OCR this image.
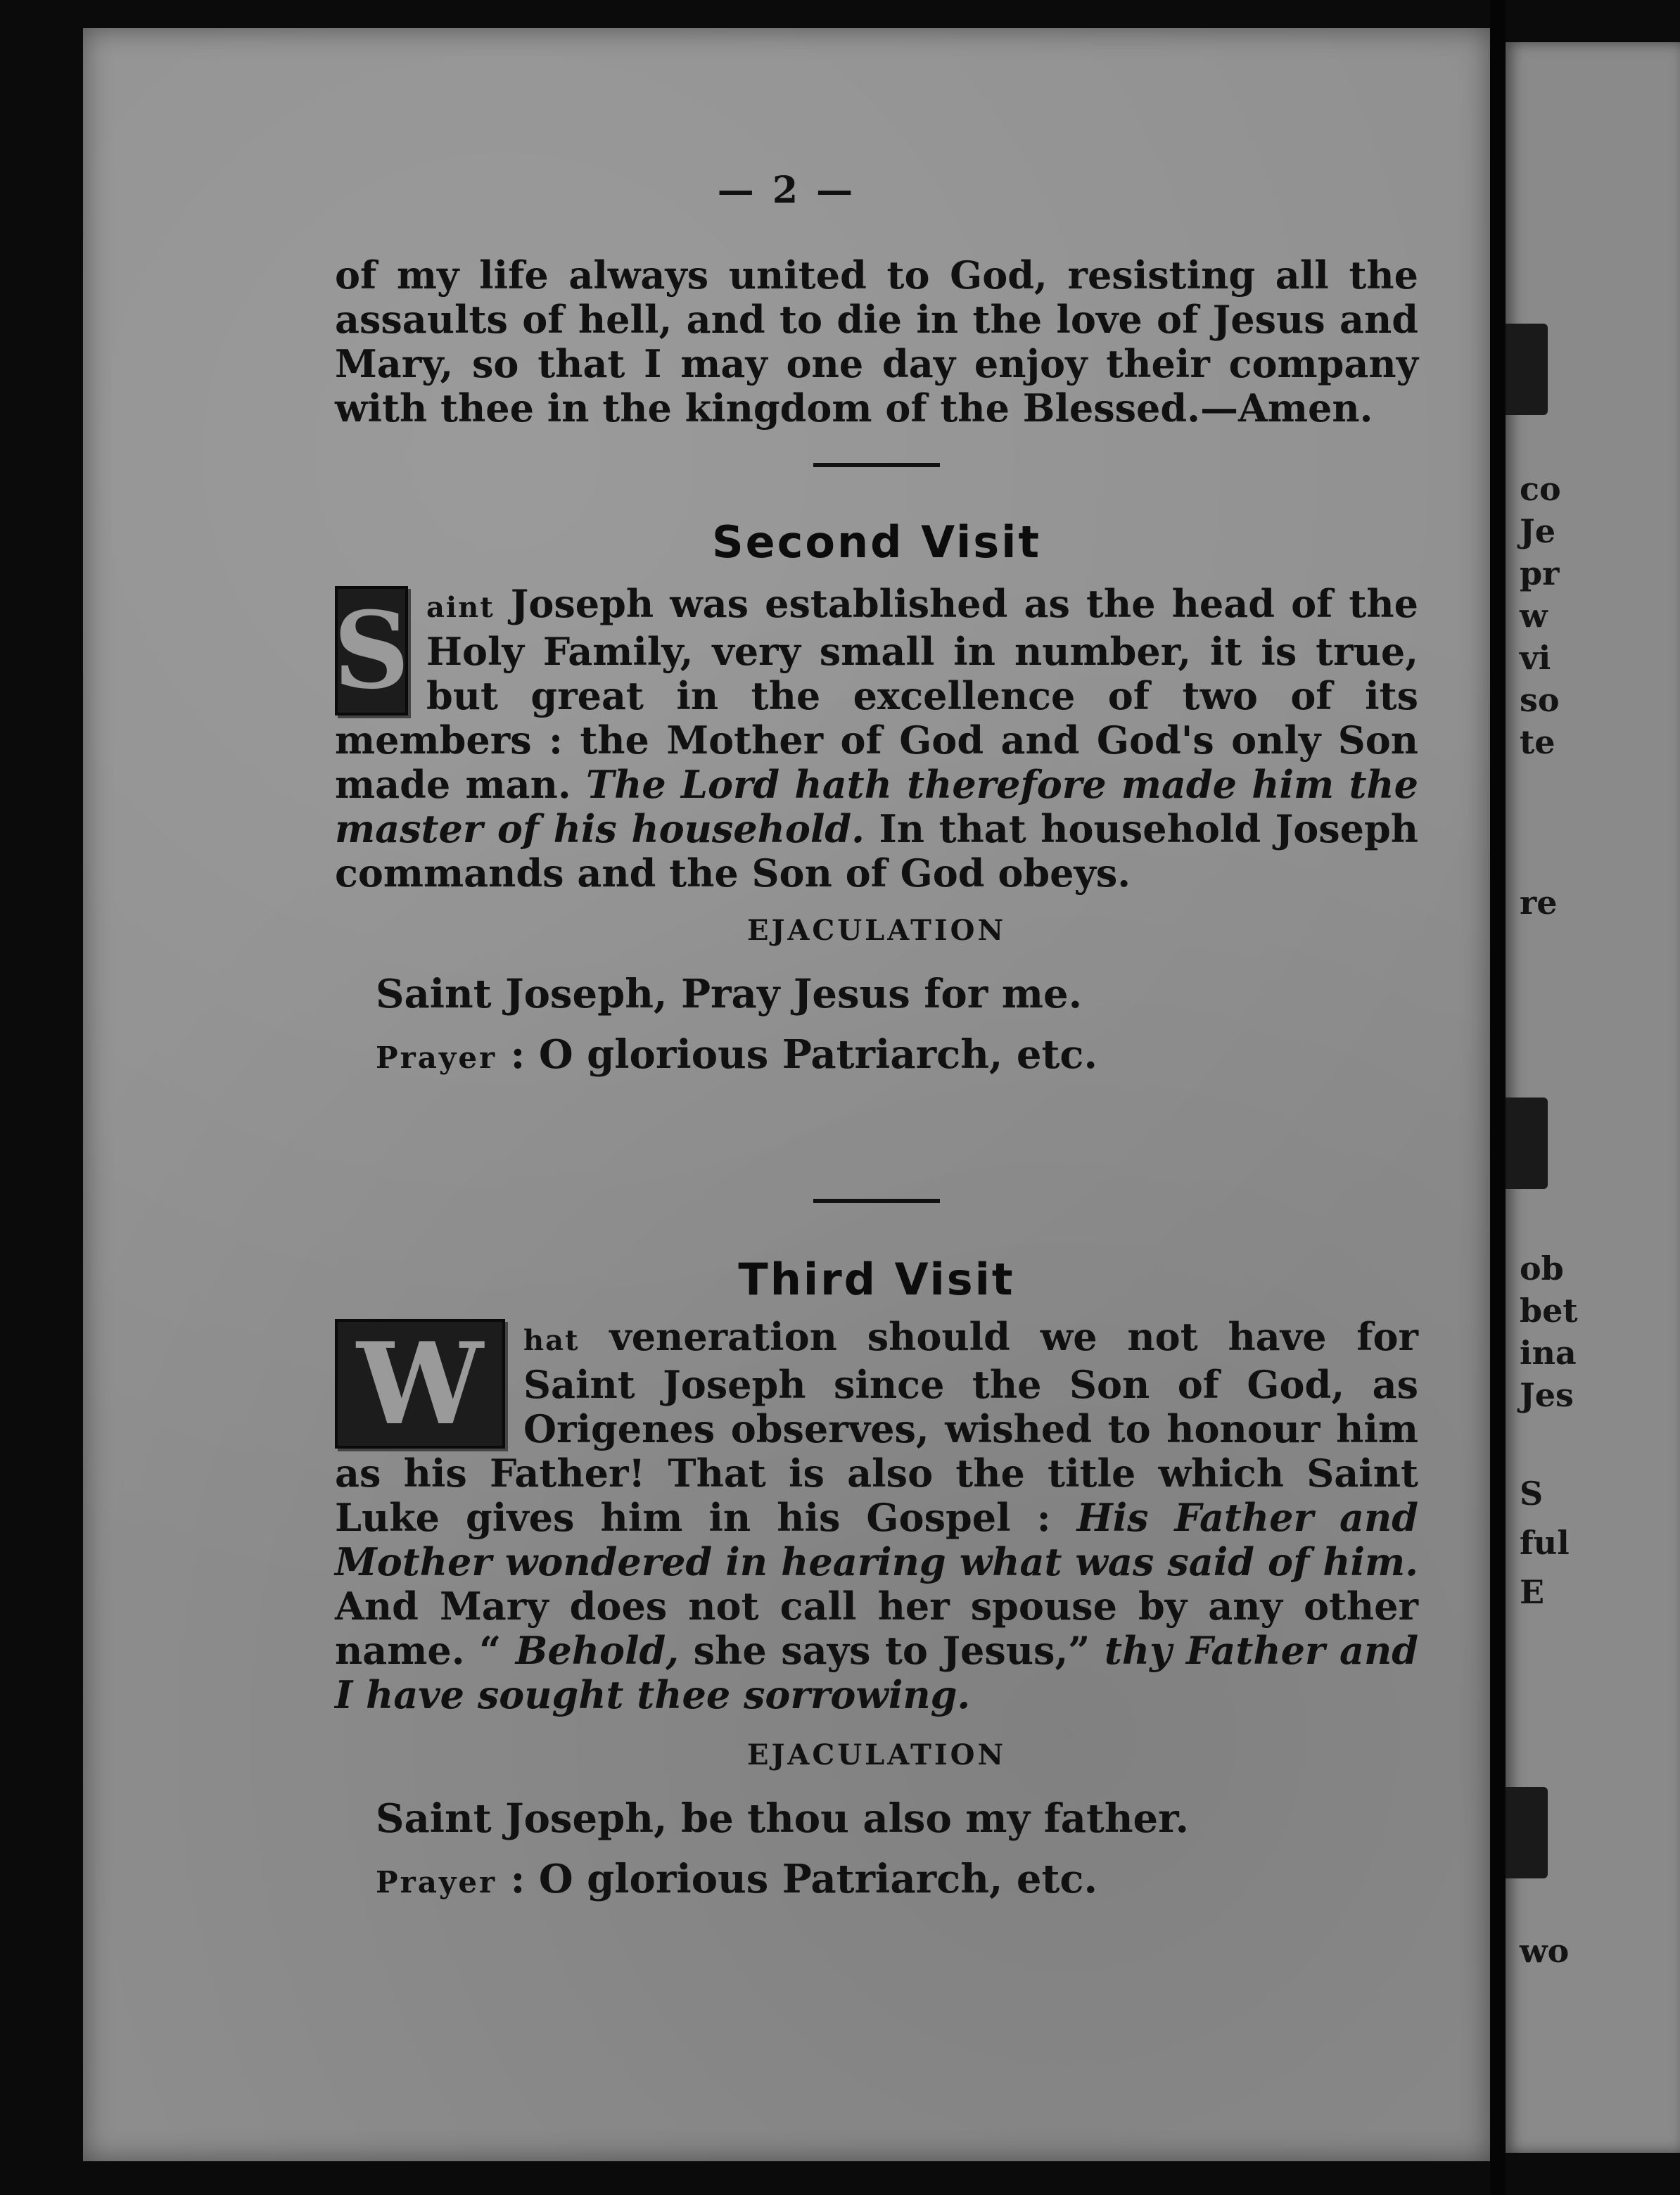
— 2 —

of my life always united to God, resisting all the assaults of hell, and to die in the love of Jesus and Mary, so that I may one day enjoy their company with thee in the kingdom of the Blessed.—Amen.

Second Visit

S aint Joseph was established as the head of the Holy Family, very small in number, it is true, but great in the excellence of two of its members : the Mother of God and God's only Son made man. The Lord hath therefore made him the master of his household. In that household Joseph commands and the Son of God obeys.

EJACULATION
Saint Joseph, Pray Jesus for me.
Prayer : O glorious Patriarch, etc.
Third Visit

W	hat veneration should we not have for Saint Joseph since the Son of God, as Origenes observes, wished to honour him as his Father! That is also the title which Saint Luke gives him in his Gospel : His Father and Mother wondered in hearing what was said of him. And Mary does not call her spouse by any other name. “ Behold, she says to Jesus,” thy Father and I have sought thee sorrowing.

EJACULATION
Saint Joseph, be thou also my father.
Prayer : O glorious Patriarch, etc.
co
Je
pr
w
vi
so
te
re
ob
bet
ina
Jes
S
ful
E
wo
